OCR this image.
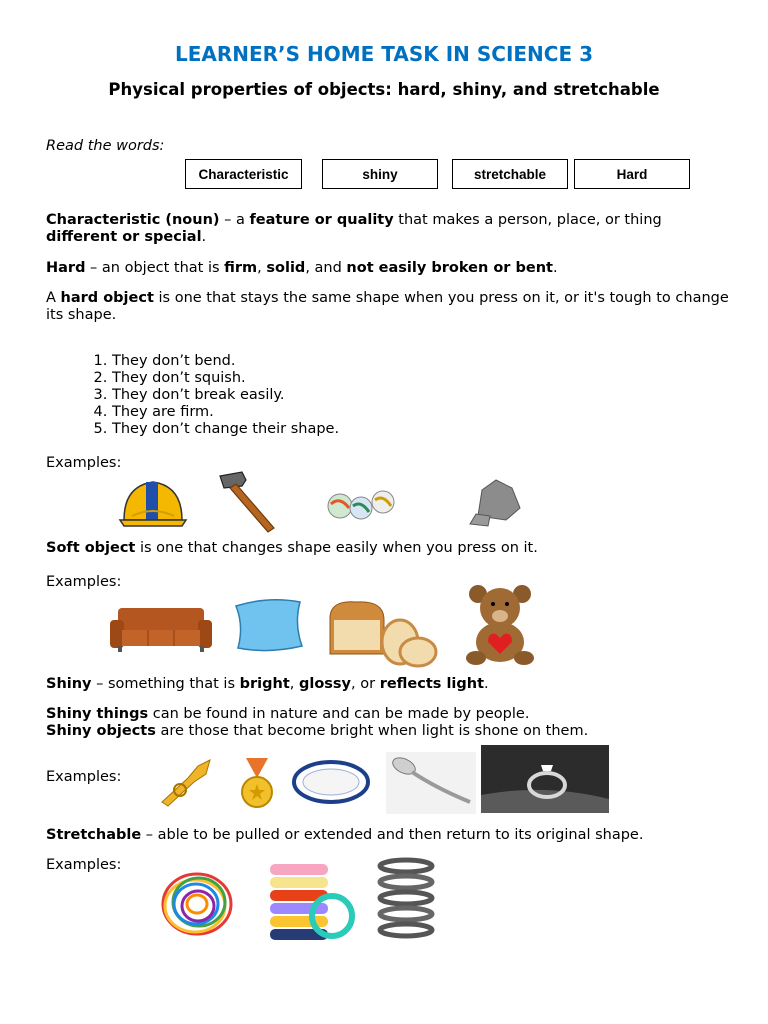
LEARNER’S HOME TASK IN SCIENCE 3
Physical properties of objects: hard, shiny, and stretchable
Read the words:
Characteristic	shiny	stretchable	Hard
Characteristic (noun) – a feature or quality that makes a person, place, or thing different or special.
Hard – an object that is firm, solid, and not easily broken or bent.
A hard object is one that stays the same shape when you press on it, or it's tough to change its shape.
1. They don’t bend.
2. They don’t squish.
3. They don’t break easily.
4. They are firm.
5. They don’t change their shape.
Examples:
Soft object is one that changes shape easily when you press on it.
Examples:
Shiny – something that is bright, glossy, or reflects light.
Shiny things can be found in nature and can be made by people.
Shiny objects are those that become bright when light is shone on them.
Examples:
Stretchable – able to be pulled or extended and then return to its original shape.
Examples:
